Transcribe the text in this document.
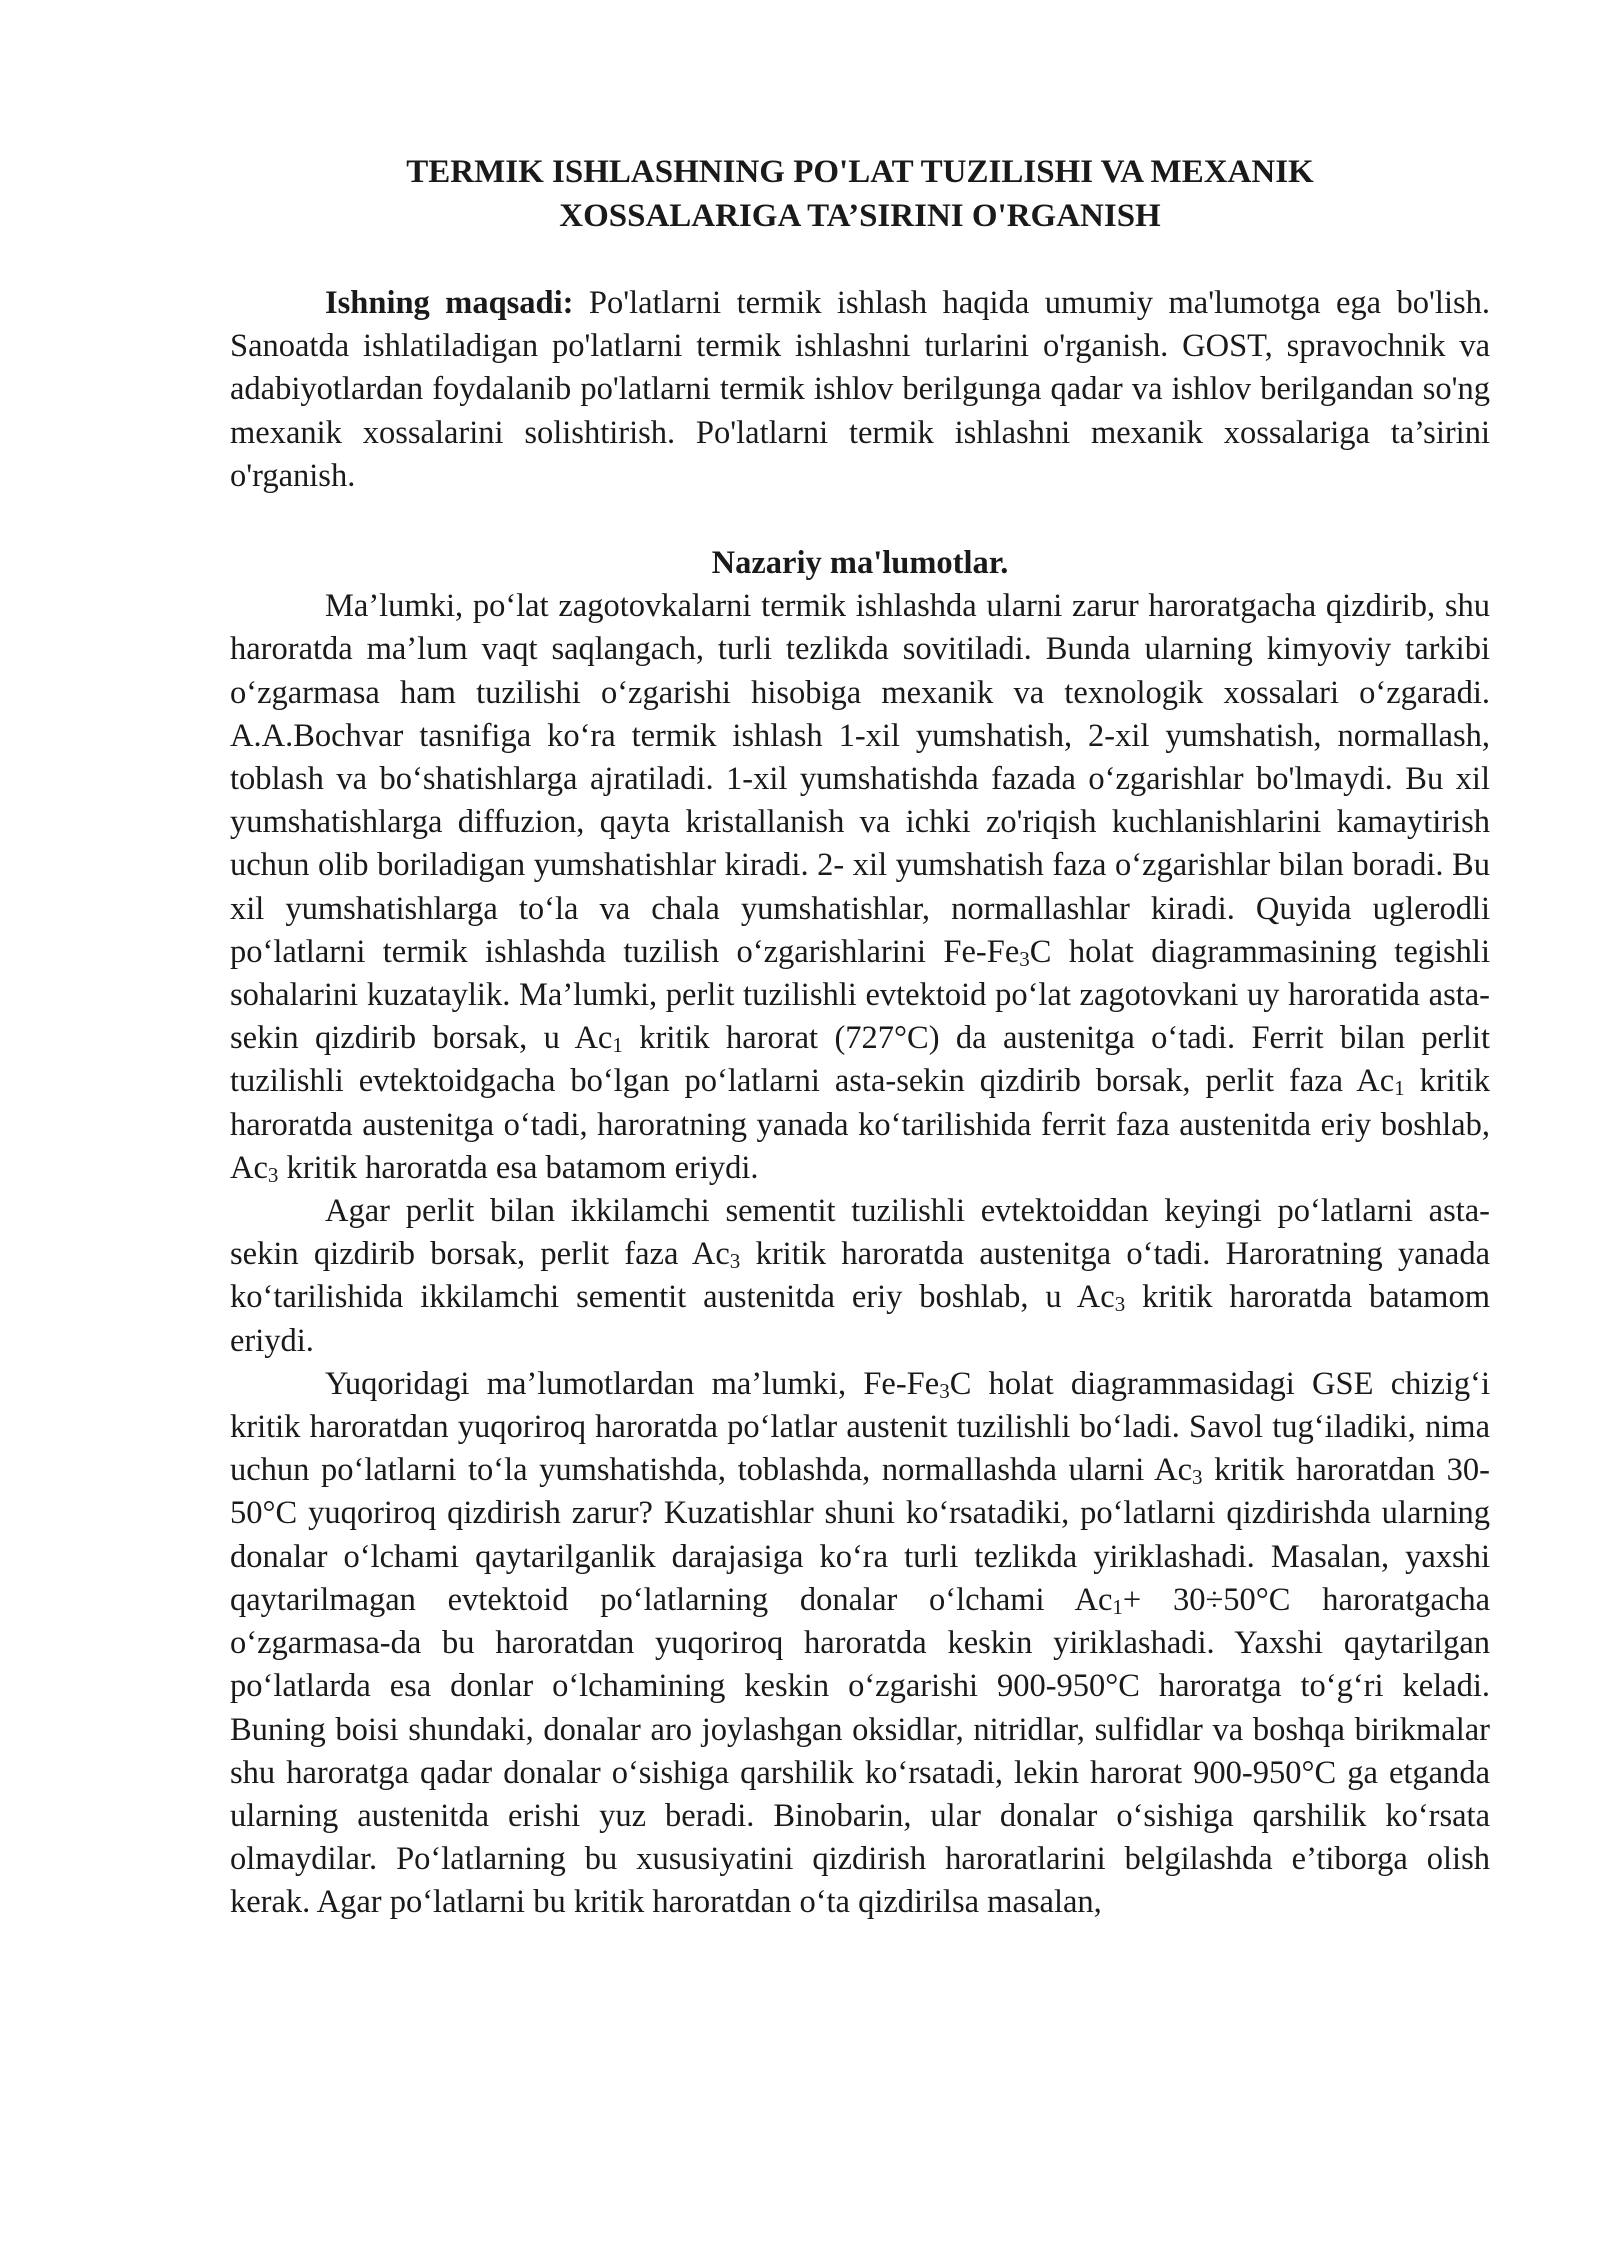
TERMIK ISHLASHNING PO'LAT TUZILISHI VA MEXANIK
XOSSALARIGA TA’SIRINI O'RGANISH

Ishning maqsadi: Po'latlarni termik ishlash haqida umumiy ma'lumotga ega bo'lish. Sanoatda ishlatiladigan po'latlarni termik ishlashni turlarini o'rganish. GOST, spravochnik va adabiyotlardan foydalanib po'latlarni termik ishlov berilgunga qadar va ishlov berilgandan so'ng mexanik xossalarini solishtirish. Po'latlarni termik ishlashni mexanik xossalariga ta’sirini o'rganish.

Nazariy ma'lumotlar.

Ma’lumki, po‘lat zagotovkalarni termik ishlashda ularni zarur haroratgacha qizdirib, shu haroratda ma’lum vaqt saqlangach, turli tezlikda sovitiladi. Bunda ularning kimyoviy tarkibi o‘zgarmasa ham tuzilishi o‘zgarishi hisobiga mexanik va texnologik xossalari o‘zgaradi. A.A.Bochvar tasnifiga ko‘ra termik ishlash 1-xil yumshatish, 2-xil yumshatish, normallash, toblash va bo‘shatishlarga ajratiladi. 1-xil yumshatishda fazada o‘zgarishlar bo'lmaydi. Bu xil yumshatishlarga diffuzion, qayta kristallanish va ichki zo'riqish kuchlanishlarini kamaytirish uchun olib boriladigan yumshatishlar kiradi. 2- xil yumshatish faza o‘zgarishlar bilan boradi. Bu xil yumshatishlarga to‘la va chala yumshatishlar, normallashlar kiradi. Quyida uglerodli po‘latlarni termik ishlashda tuzilish o‘zgarishlarini $Fe-Fe_3C$ holat diagrammasining tegishli sohalarini kuzataylik. Ma’lumki, perlit tuzilishli evtektoid po‘lat zagotovkani uy haroratida asta-sekin qizdirib borsak, u $Ac_1$ kritik harorat (727°C) da austenitga o‘tadi. Ferrit bilan perlit tuzilishli evtektoidgacha bo‘lgan po‘latlarni asta-sekin qizdirib borsak, perlit faza $Ac_1$ kritik haroratda austenitga o‘tadi, haroratning yanada ko‘tarilishida ferrit faza austenitda eriy boshlab, $Ac_3$ kritik haroratda esa batamom eriydi.

Agar perlit bilan ikkilamchi sementit tuzilishli evtektoiddan keyingi po‘latlarni asta-sekin qizdirib borsak, perlit faza $Ac_3$ kritik haroratda austenitga o‘tadi. Haroratning yanada ko‘tarilishida ikkilamchi sementit austenitda eriy boshlab, u $Ac_3$ kritik haroratda batamom eriydi.

Yuqoridagi ma’lumotlardan ma’lumki, $Fe-Fe_3C$ holat diagrammasidagi GSE chizig‘i kritik haroratdan yuqoriroq haroratda po‘latlar austenit tuzilishli bo‘ladi. Savol tug‘iladiki, nima uchun po‘latlarni to‘la yumshatishda, toblashda, normallashda ularni $Ac_3$ kritik haroratdan 30-50°C yuqoriroq qizdirish zarur? Kuzatishlar shuni ko‘rsatadiki, po‘latlarni qizdirishda ularning donalar o‘lchami qaytarilganlik darajasiga ko‘ra turli tezlikda yiriklashadi. Masalan, yaxshi qaytarilmagan evtektoid po‘latlarning donalar o‘lchami $Ac_1+ 30\div 50^\circ C$ haroratgacha o‘zgarmasa-da bu haroratdan yuqoriroq haroratda keskin yiriklashadi. Yaxshi qaytarilgan po‘latlarda esa donlar o‘lchamining keskin o‘zgarishi 900-950°C haroratga to‘g‘ri keladi. Buning boisi shundaki, donalar aro joylashgan oksidlar, nitridlar, sulfidlar va boshqa birikmalar shu haroratga qadar donalar o‘sishiga qarshilik ko‘rsatadi, lekin harorat 900-950°C ga etganda ularning austenitda erishi yuz beradi. Binobarin, ular donalar o‘sishiga qarshilik ko‘rsata olmaydilar. Po‘latlarning bu xususiyatini qizdirish haroratlarini belgilashda e’tiborga olish kerak. Agar po‘latlarni bu kritik haroratdan o‘ta qizdirilsa masalan,
